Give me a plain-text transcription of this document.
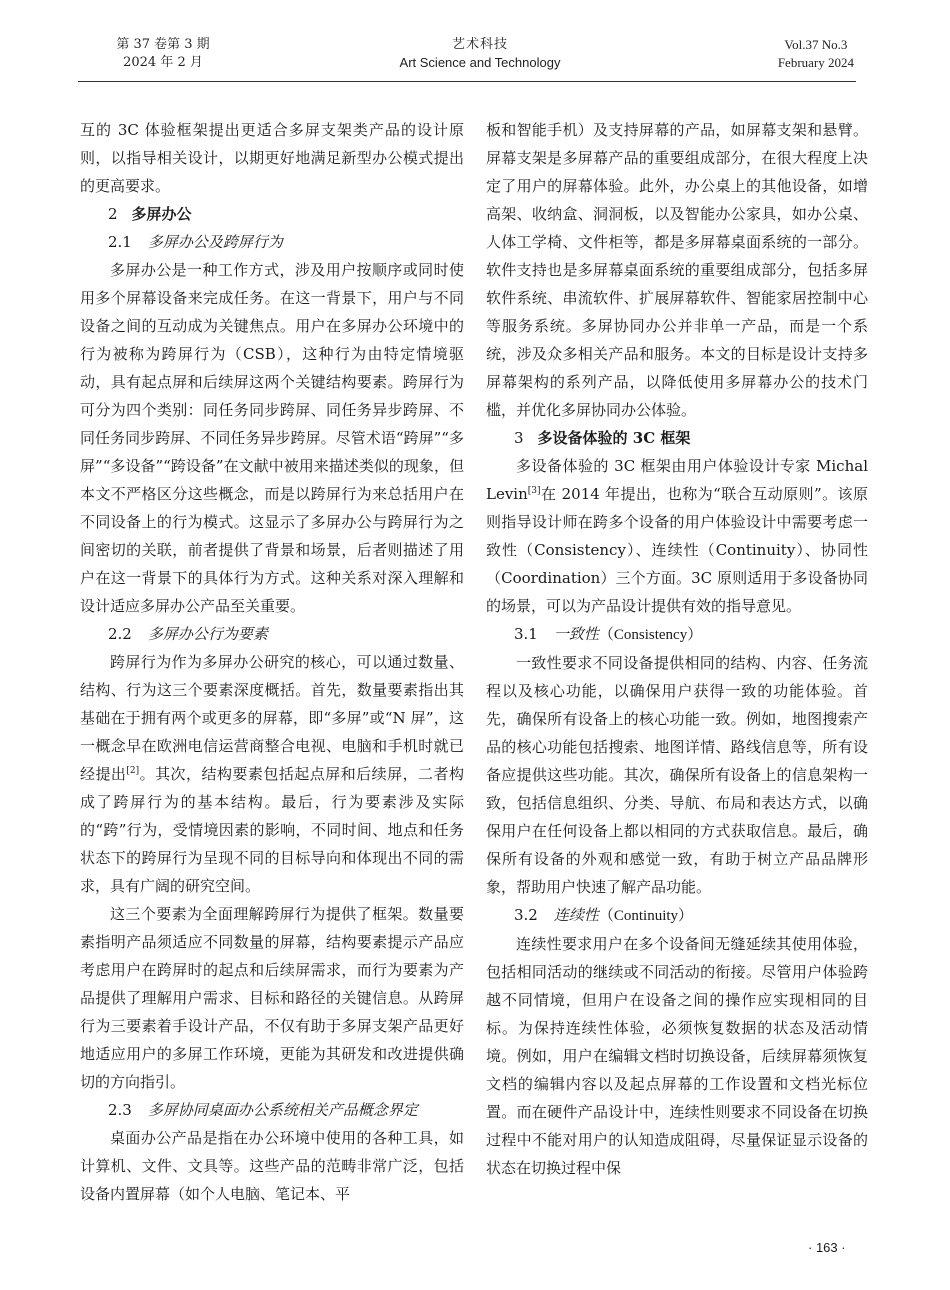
第 37 卷第 3 期
2024 年 2 月
艺术科技
Art Science and Technology
Vol.37 No.3
February 2024

互的 3C 体验框架提出更适合多屏支架类产品的设计原则，以指导相关设计，以期更好地满足新型办公模式提出的更高要求。

2 多屏办公
2.1 多屏办公及跨屏行为

多屏办公是一种工作方式，涉及用户按顺序或同时使用多个屏幕设备来完成任务。在这一背景下，用户与不同设备之间的互动成为关键焦点。用户在多屏办公环境中的行为被称为跨屏行为（CSB），这种行为由特定情境驱动，具有起点屏和后续屏这两个关键结构要素。跨屏行为可分为四个类别：同任务同步跨屏、同任务异步跨屏、不同任务同步跨屏、不同任务异步跨屏。尽管术语“跨屏”“多屏”“多设备”“跨设备”在文献中被用来描述类似的现象，但本文不严格区分这些概念，而是以跨屏行为来总括用户在不同设备上的行为模式。这显示了多屏办公与跨屏行为之间密切的关联，前者提供了背景和场景，后者则描述了用户在这一背景下的具体行为方式。这种关系对深入理解和设计适应多屏办公产品至关重要。

2.2 多屏办公行为要素

跨屏行为作为多屏办公研究的核心，可以通过数量、结构、行为这三个要素深度概括。首先，数量要素指出其基础在于拥有两个或更多的屏幕，即“多屏”或“N 屏”，这一概念早在欧洲电信运营商整合电视、电脑和手机时就已经提出[2]。其次，结构要素包括起点屏和后续屏，二者构成了跨屏行为的基本结构。最后，行为要素涉及实际的“跨”行为，受情境因素的影响，不同时间、地点和任务状态下的跨屏行为呈现不同的目标导向和体现出不同的需求，具有广阔的研究空间。

这三个要素为全面理解跨屏行为提供了框架。数量要素指明产品须适应不同数量的屏幕，结构要素提示产品应考虑用户在跨屏时的起点和后续屏需求，而行为要素为产品提供了理解用户需求、目标和路径的关键信息。从跨屏行为三要素着手设计产品，不仅有助于多屏支架产品更好地适应用户的多屏工作环境，更能为其研发和改进提供确切的方向指引。

2.3 多屏协同桌面办公系统相关产品概念界定

桌面办公产品是指在办公环境中使用的各种工具，如计算机、文件、文具等。这些产品的范畴非常广泛，包括设备内置屏幕（如个人电脑、笔记本、平

板和智能手机）及支持屏幕的产品，如屏幕支架和悬臂。屏幕支架是多屏幕产品的重要组成部分，在很大程度上决定了用户的屏幕体验。此外，办公桌上的其他设备，如增高架、收纳盒、洞洞板，以及智能办公家具，如办公桌、人体工学椅、文件柜等，都是多屏幕桌面系统的一部分。软件支持也是多屏幕桌面系统的重要组成部分，包括多屏软件系统、串流软件、扩展屏幕软件、智能家居控制中心等服务系统。多屏协同办公并非单一产品，而是一个系统，涉及众多相关产品和服务。本文的目标是设计支持多屏幕架构的系列产品，以降低使用多屏幕办公的技术门槛，并优化多屏协同办公体验。

3 多设备体验的 3C 框架

多设备体验的 3C 框架由用户体验设计专家 Michal Levin[3]在 2014 年提出，也称为“联合互动原则”。该原则指导设计师在跨多个设备的用户体验设计中需要考虑一致性（Consistency）、连续性（Continuity）、协同性（Coordination）三个方面。3C 原则适用于多设备协同的场景，可以为产品设计提供有效的指导意见。

3.1 一致性（Consistency）

一致性要求不同设备提供相同的结构、内容、任务流程以及核心功能，以确保用户获得一致的功能体验。首先，确保所有设备上的核心功能一致。例如，地图搜索产品的核心功能包括搜索、地图详情、路线信息等，所有设备应提供这些功能。其次，确保所有设备上的信息架构一致，包括信息组织、分类、导航、布局和表达方式，以确保用户在任何设备上都以相同的方式获取信息。最后，确保所有设备的外观和感觉一致，有助于树立产品品牌形象，帮助用户快速了解产品功能。

3.2 连续性（Continuity）

连续性要求用户在多个设备间无缝延续其使用体验，包括相同活动的继续或不同活动的衔接。尽管用户体验跨越不同情境，但用户在设备之间的操作应实现相同的目标。为保持连续性体验，必须恢复数据的状态及活动情境。例如，用户在编辑文档时切换设备，后续屏幕须恢复文档的编辑内容以及起点屏幕的工作设置和文档光标位置。而在硬件产品设计中，连续性则要求不同设备在切换过程中不能对用户的认知造成阻碍，尽量保证显示设备的状态在切换过程中保

· 163 ·
